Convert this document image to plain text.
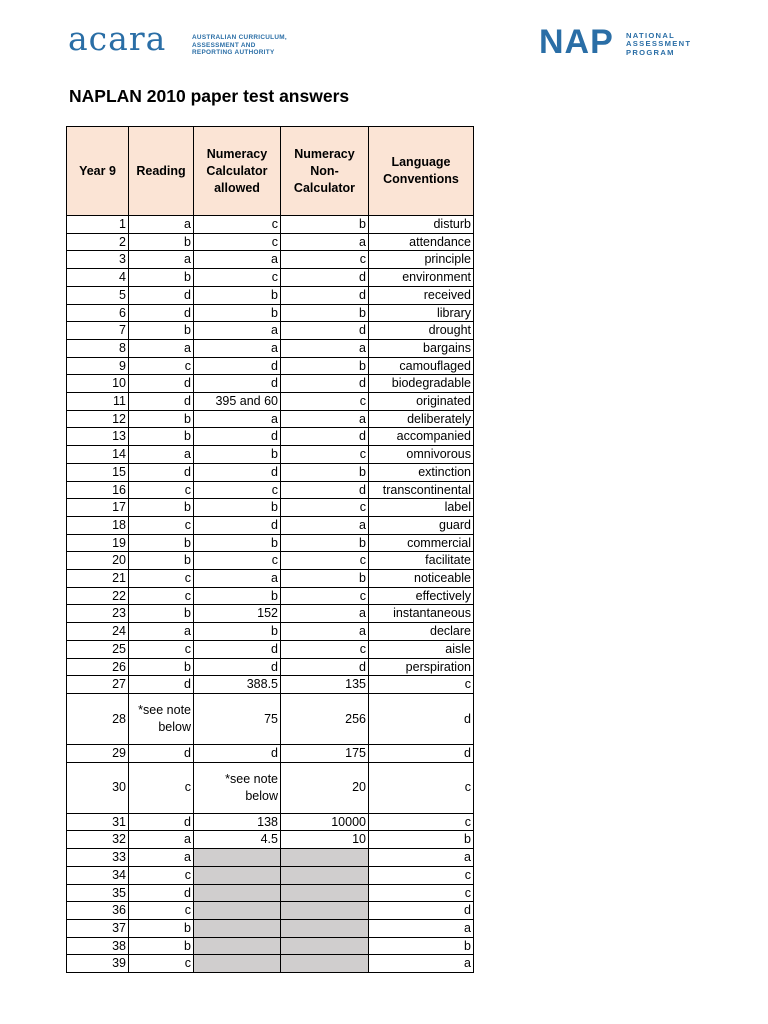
acara	AUSTRALIAN CURRICULUM,
ASSESSMENT AND
REPORTING AUTHORITY	NAP NATIONAL
ASSESSMENT
PROGRAM
NAPLAN 2010 paper test answers
Year 9	Reading	Numeracy Calculator allowed	Numeracy Non-Calculator	Language Conventions
1	a	c	b	disturb
2	b	c	a	attendance
3	a	a	c	principle
4	b	c	d	environment
5	d	b	d	received
6	d	b	b	library
7	b	a	d	drought
8	a	a	a	bargains
9	c	d	b	camouflaged
10	d	d	d	biodegradable
11	d	395 and 60	c	originated
12	b	a	a	deliberately
13	b	d	d	accompanied
14	a	b	c	omnivorous
15	d	d	b	extinction
16	c	c	d	transcontinental
17	b	b	c	label
18	c	d	a	guard
19	b	b	b	commercial
20	b	c	c	facilitate
21	c	a	b	noticeable
22	c	b	c	effectively
23	b	152	a	instantaneous
24	a	b	a	declare
25	c	d	c	aisle
26	b	d	d	perspiration
27	d	388.5	135	c
28	*see note below	75	256	d
29	d	d	175	d
30	c	*see note below	20	c
31	d	138	10000	c
32	a	4.5	10	b
33	a			a
34	c			c
35	d			c
36	c			d
37	b			a
38	b			b
39	c			a
